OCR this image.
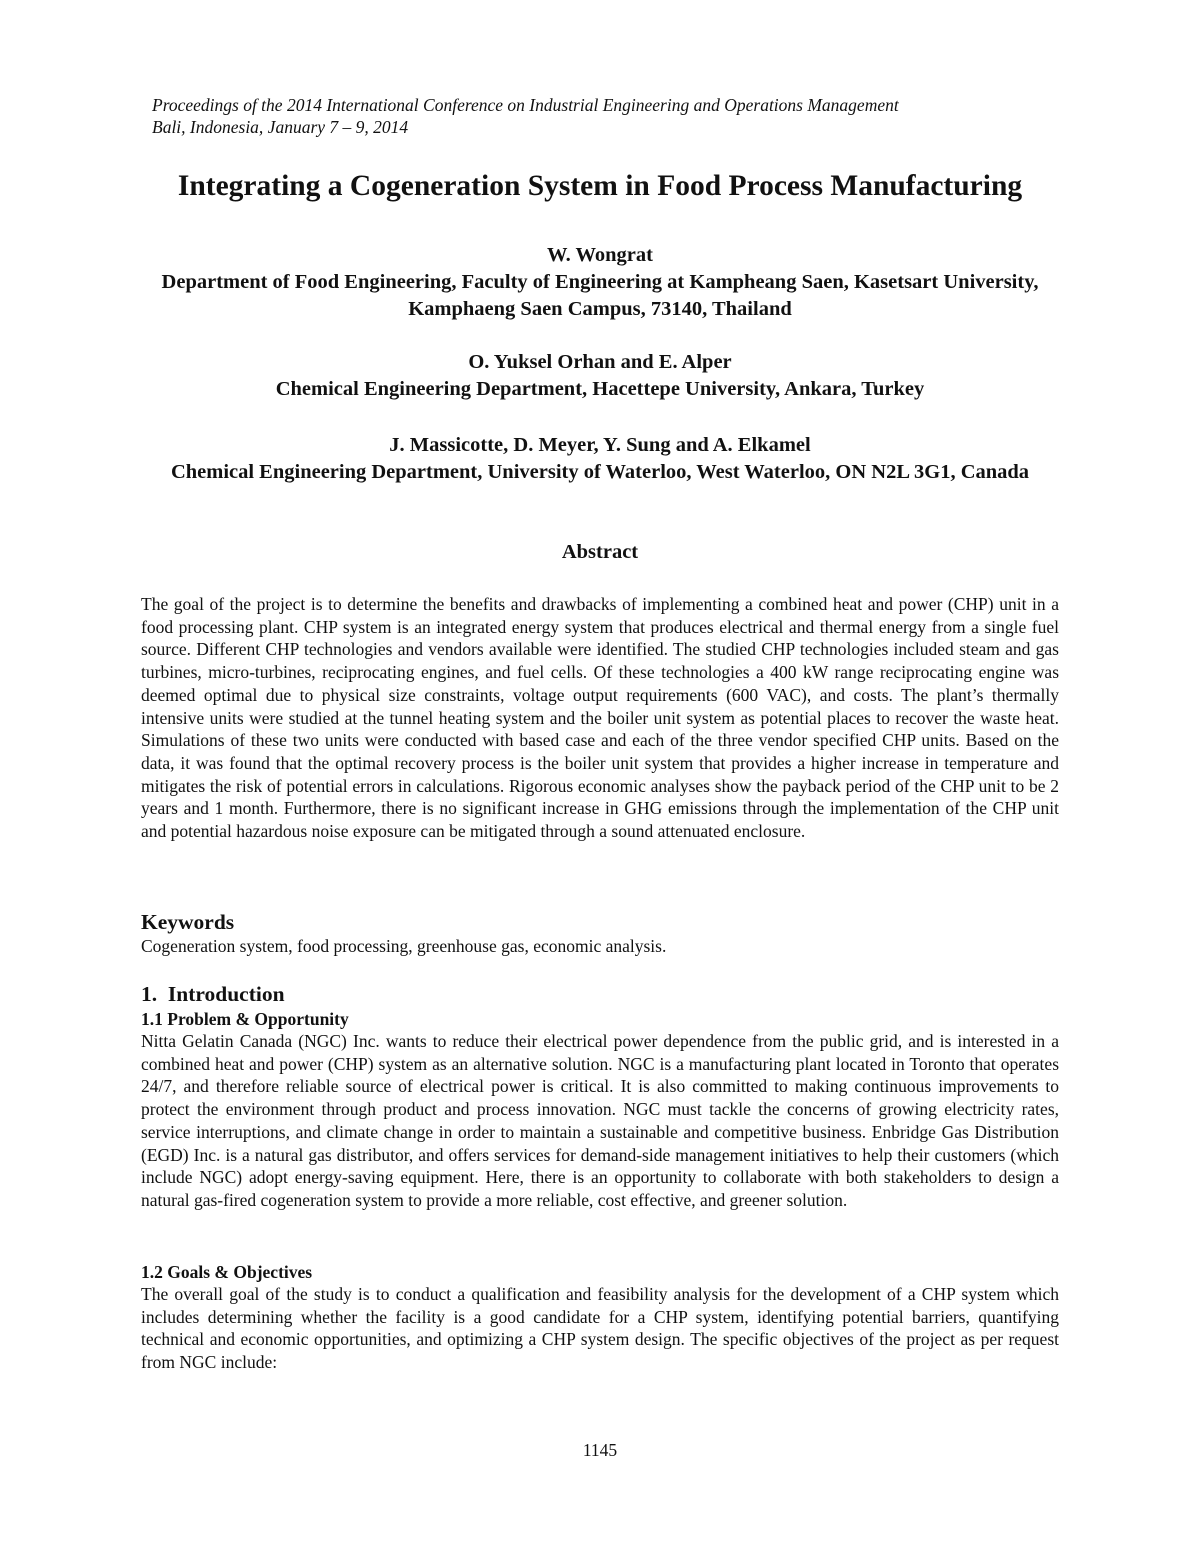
Proceedings of the 2014 International Conference on Industrial Engineering and Operations Management
Bali, Indonesia, January 7 – 9, 2014
Integrating a Cogeneration System in Food Process Manufacturing
W. Wongrat
Department of Food Engineering, Faculty of Engineering at Kampheang Saen, Kasetsart University, Kamphaeng Saen Campus, 73140, Thailand
O. Yuksel Orhan and E. Alper
Chemical Engineering Department, Hacettepe University, Ankara, Turkey
J. Massicotte, D. Meyer, Y. Sung and A. Elkamel
Chemical Engineering Department, University of Waterloo, West Waterloo, ON N2L 3G1, Canada
Abstract

The goal of the project is to determine the benefits and drawbacks of implementing a combined heat and power (CHP) unit in a food processing plant. CHP system is an integrated energy system that produces electrical and thermal energy from a single fuel source. Different CHP technologies and vendors available were identified. The studied CHP technologies included steam and gas turbines, micro-turbines, reciprocating engines, and fuel cells. Of these technologies a 400 kW range reciprocating engine was deemed optimal due to physical size constraints, voltage output requirements (600 VAC), and costs. The plant’s thermally intensive units were studied at the tunnel heating system and the boiler unit system as potential places to recover the waste heat. Simulations of these two units were conducted with based case and each of the three vendor specified CHP units. Based on the data, it was found that the optimal recovery process is the boiler unit system that provides a higher increase in temperature and mitigates the risk of potential errors in calculations. Rigorous economic analyses show the payback period of the CHP unit to be 2 years and 1 month. Furthermore, there is no significant increase in GHG emissions through the implementation of the CHP unit and potential hazardous noise exposure can be mitigated through a sound attenuated enclosure.

Keywords

Cogeneration system, food processing, greenhouse gas, economic analysis.

1.  Introduction
1.1 Problem & Opportunity

Nitta Gelatin Canada (NGC) Inc. wants to reduce their electrical power dependence from the public grid, and is interested in a combined heat and power (CHP) system as an alternative solution. NGC is a manufacturing plant located in Toronto that operates 24/7, and therefore reliable source of electrical power is critical. It is also committed to making continuous improvements to protect the environment through product and process innovation. NGC must tackle the concerns of growing electricity rates, service interruptions, and climate change in order to maintain a sustainable and competitive business. Enbridge Gas Distribution (EGD) Inc. is a natural gas distributor, and offers services for demand-side management initiatives to help their customers (which include NGC) adopt energy-saving equipment. Here, there is an opportunity to collaborate with both stakeholders to design a natural gas-fired cogeneration system to provide a more reliable, cost effective, and greener solution.

1.2 Goals & Objectives

The overall goal of the study is to conduct a qualification and feasibility analysis for the development of a CHP system which includes determining whether the facility is a good candidate for a CHP system, identifying potential barriers, quantifying technical and economic opportunities, and optimizing a CHP system design. The specific objectives of the project as per request from NGC include:

1145
